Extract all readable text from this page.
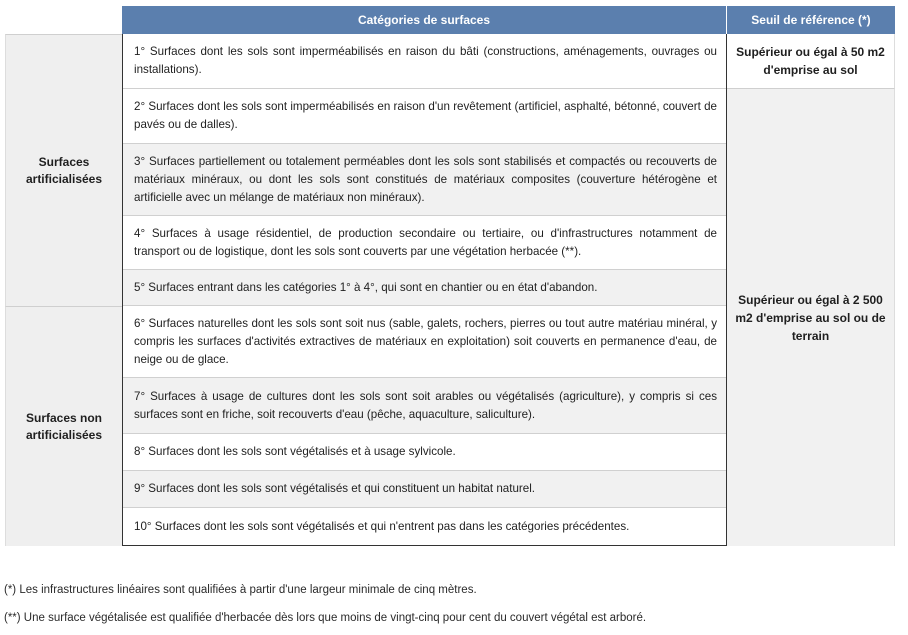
Catégories de surfaces	Seuil de référence (*)
Surfaces artificialisées
Surfaces non artificialisées
1° Surfaces dont les sols sont imperméabilisés en raison du bâti (constructions, aménagements, ouvrages ou installations).
2° Surfaces dont les sols sont imperméabilisés en raison d'un revêtement (artificiel, asphalté, bétonné, couvert de pavés ou de dalles).
3° Surfaces partiellement ou totalement perméables dont les sols sont stabilisés et compactés ou recouverts de matériaux minéraux, ou dont les sols sont constitués de matériaux composites (couverture hétérogène et artificielle avec un mélange de matériaux non minéraux).
4° Surfaces à usage résidentiel, de production secondaire ou tertiaire, ou d'infrastructures notamment de transport ou de logistique, dont les sols sont couverts par une végétation herbacée (**).
5° Surfaces entrant dans les catégories 1° à 4°, qui sont en chantier ou en état d'abandon.
6° Surfaces naturelles dont les sols sont soit nus (sable, galets, rochers, pierres ou tout autre matériau minéral, y compris les surfaces d'activités extractives de matériaux en exploitation) soit couverts en permanence d'eau, de neige ou de glace.
7° Surfaces à usage de cultures dont les sols sont soit arables ou végétalisés (agriculture), y compris si ces surfaces sont en friche, soit recouverts d'eau (pêche, aquaculture, saliculture).
8° Surfaces dont les sols sont végétalisés et à usage sylvicole.
9° Surfaces dont les sols sont végétalisés et qui constituent un habitat naturel.
10° Surfaces dont les sols sont végétalisés et qui n'entrent pas dans les catégories précédentes.
Supérieur ou égal à 50 m2 d'emprise au sol
Supérieur ou égal à 2 500 m2 d'emprise au sol ou de terrain
(*) Les infrastructures linéaires sont qualifiées à partir d'une largeur minimale de cinq mètres.
(**) Une surface végétalisée est qualifiée d'herbacée dès lors que moins de vingt-cinq pour cent du couvert végétal est arboré.
